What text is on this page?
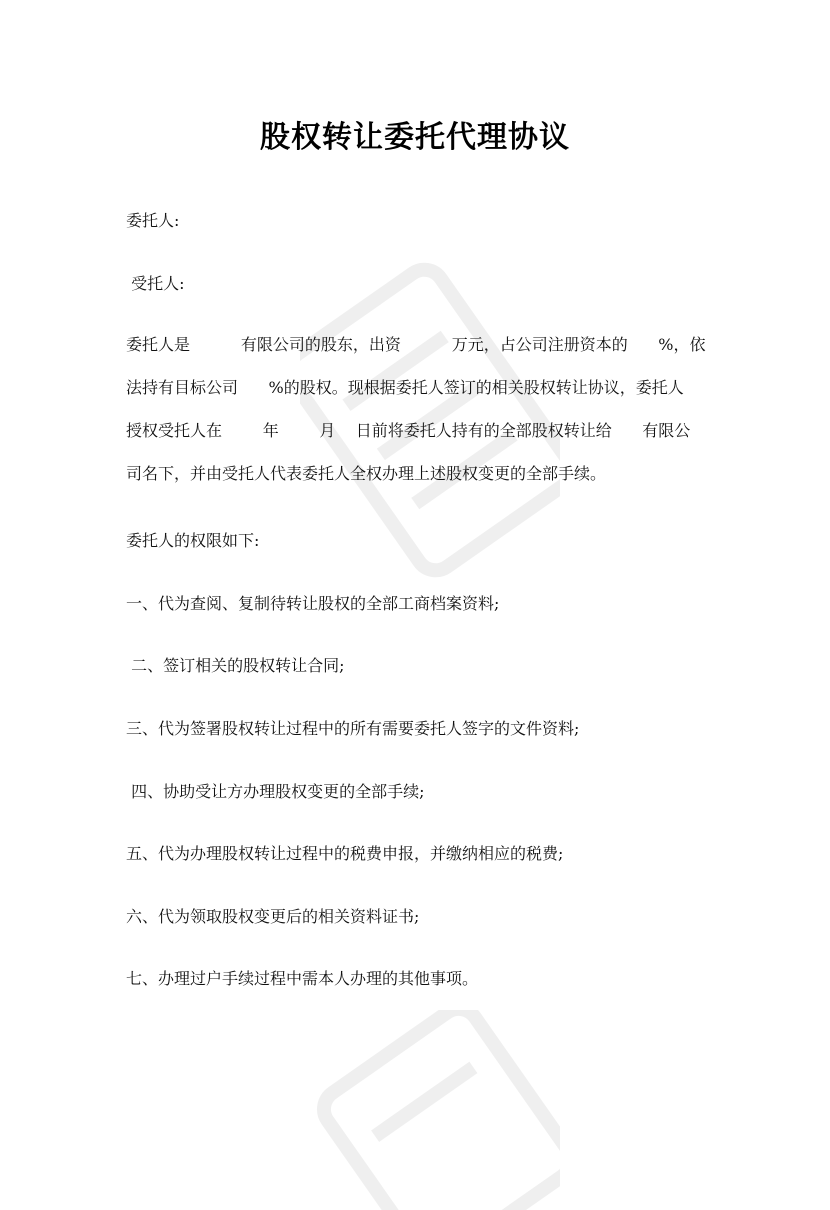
股权转让委托代理协议
委托人:
受托人:
委托人是          有限公司的股东，出资          万元，占公司注册资本的      %，依
法持有目标公司      %的股权。现根据委托人签订的相关股权转让协议，委托人
授权受托人在        年        月    日前将委托人持有的全部股权转让给      有限公
司名下，并由受托人代表委托人全权办理上述股权变更的全部手续。
委托人的权限如下:
一、代为查阅、复制待转让股权的全部工商档案资料;
二、签订相关的股权转让合同;
三、代为签署股权转让过程中的所有需要委托人签字的文件资料;
四、协助受让方办理股权变更的全部手续;
五、代为办理股权转让过程中的税费申报，并缴纳相应的税费;
六、代为领取股权变更后的相关资料证书;
七、办理过户手续过程中需本人办理的其他事项。
